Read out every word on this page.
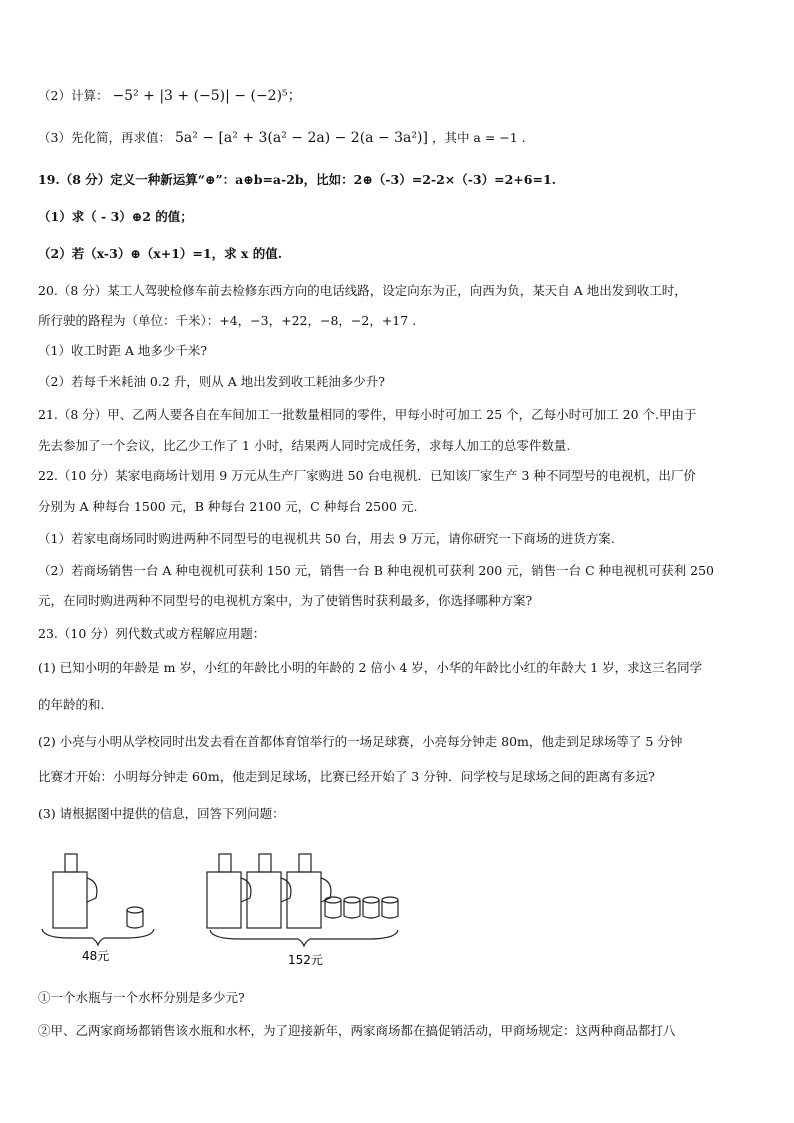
（2）计算： −5² + |3 + (−5)| − (−2)⁵；
（3）先化简，再求值： 5a² − [a² + 3(a² − 2a) − 2(a − 3a²)] ，其中 a = −1 .
19.（8 分）定义一种新运算“⊕”：a⊕b=a-2b，比如：2⊕（-3）=2-2×（-3）=2+6=1.
（1）求（ - 3）⊕2 的值；
（2）若（x-3）⊕（x+1）=1，求 x 的值.
20.（8 分）某工人驾驶检修车前去检修东西方向的电话线路，设定向东为正，向西为负，某天自 A 地出发到收工时，
所行驶的路程为（单位：千米）：+4，−3，+22，−8，−2，+17 .
（1）收工时距 A 地多少千米?
（2）若每千米耗油 0.2 升，则从 A 地出发到收工耗油多少升?
21.（8 分）甲、乙两人要各自在车间加工一批数量相同的零件，甲每小时可加工 25 个，乙每小时可加工 20 个.甲由于
先去参加了一个会议，比乙少工作了 1 小时，结果两人同时完成任务，求每人加工的总零件数量.
22.（10 分）某家电商场计划用 9 万元从生产厂家购进 50 台电视机．已知该厂家生产 3 种不同型号的电视机，出厂价
分别为 A 种每台 1500 元，B 种每台 2100 元，C 种每台 2500 元.
（1）若家电商场同时购进两种不同型号的电视机共 50 台，用去 9 万元，请你研究一下商场的进货方案.
（2）若商场销售一台 A 种电视机可获利 150 元，销售一台 B 种电视机可获利 200 元，销售一台 C 种电视机可获利 250
元，在同时购进两种不同型号的电视机方案中，为了使销售时获利最多，你选择哪种方案?
23.（10 分）列代数式或方程解应用题：
(1) 已知小明的年龄是 m 岁，小红的年龄比小明的年龄的 2 倍小 4 岁，小华的年龄比小红的年龄大 1 岁，求这三名同学
的年龄的和.
(2) 小亮与小明从学校同时出发去看在首都体育馆举行的一场足球赛，小亮每分钟走 80m，他走到足球场等了 5 分钟
比赛才开始：小明每分钟走 60m，他走到足球场，比赛已经开始了 3 分钟．问学校与足球场之间的距离有多远?
(3) 请根据图中提供的信息，回答下列问题：
48元	152元
①一个水瓶与一个水杯分别是多少元?
②甲、乙两家商场都销售该水瓶和水杯，为了迎接新年，两家商场都在搞促销活动，甲商场规定：这两种商品都打八
